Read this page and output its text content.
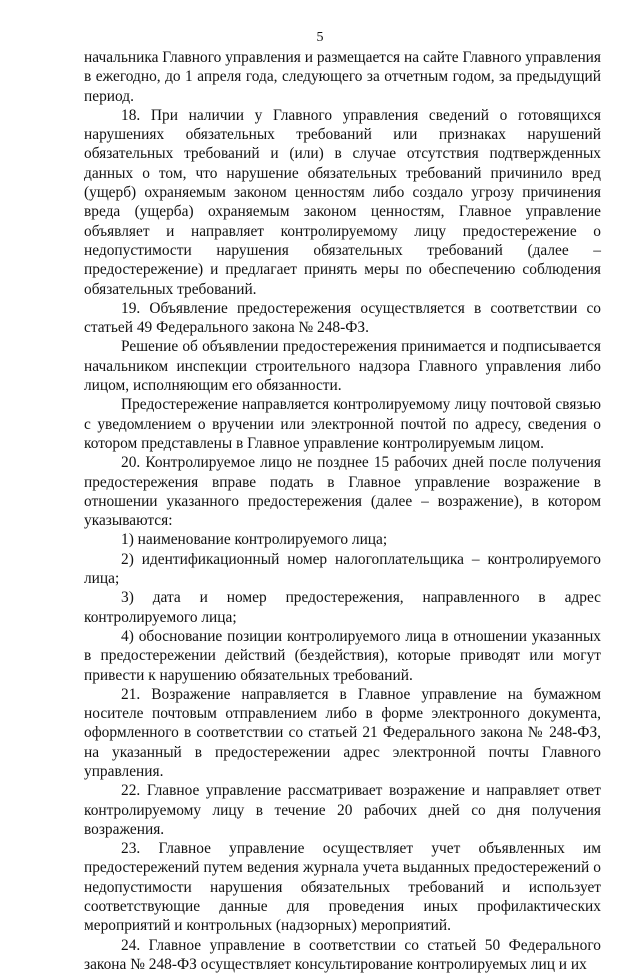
5

начальника Главного управления и размещается на сайте Главного управления в ежегодно, до 1 апреля года, следующего за отчетным годом, за предыдущий период.

18. При наличии у Главного управления сведений о готовящихся нарушениях обязательных требований или признаках нарушений обязательных требований и (или) в случае отсутствия подтвержденных данных о том, что нарушение обязательных требований причинило вред (ущерб) охраняемым законом ценностям либо создало угрозу причинения вреда (ущерба) охраняемым законом ценностям, Главное управление объявляет и направляет контролируемому лицу предостережение о недопустимости нарушения обязательных требований (далее – предостережение) и предлагает принять меры по обеспечению соблюдения обязательных требований.

19. Объявление предостережения осуществляется в соответствии со статьей 49 Федерального закона № 248-ФЗ.

Решение об объявлении предостережения принимается и подписывается начальником инспекции строительного надзора Главного управления либо лицом, исполняющим его обязанности.

Предостережение направляется контролируемому лицу почтовой связью с уведомлением о вручении или электронной почтой по адресу, сведения о котором представлены в Главное управление контролируемым лицом.

20. Контролируемое лицо не позднее 15 рабочих дней после получения предостережения вправе подать в Главное управление возражение в отношении указанного предостережения (далее – возражение), в котором указываются:

1) наименование контролируемого лица;

2) идентификационный номер налогоплательщика – контролируемого лица;

3) дата и номер предостережения, направленного в адрес контролируемого лица;

4) обоснование позиции контролируемого лица в отношении указанных в предостережении действий (бездействия), которые приводят или могут привести к нарушению обязательных требований.

21. Возражение направляется в Главное управление на бумажном носителе почтовым отправлением либо в форме электронного документа, оформленного в соответствии со статьей 21 Федерального закона № 248-ФЗ, на указанный в предостережении адрес электронной почты Главного управления.

22. Главное управление рассматривает возражение и направляет ответ контролируемому лицу в течение 20 рабочих дней со дня получения возражения.

23. Главное управление осуществляет учет объявленных им предостережений путем ведения журнала учета выданных предостережений о недопустимости нарушения обязательных требований и использует соответствующие данные для проведения иных профилактических мероприятий и контрольных (надзорных) мероприятий.

24. Главное управление в соответствии со статьей 50 Федерального закона № 248-ФЗ осуществляет консультирование контролируемых лиц и их
